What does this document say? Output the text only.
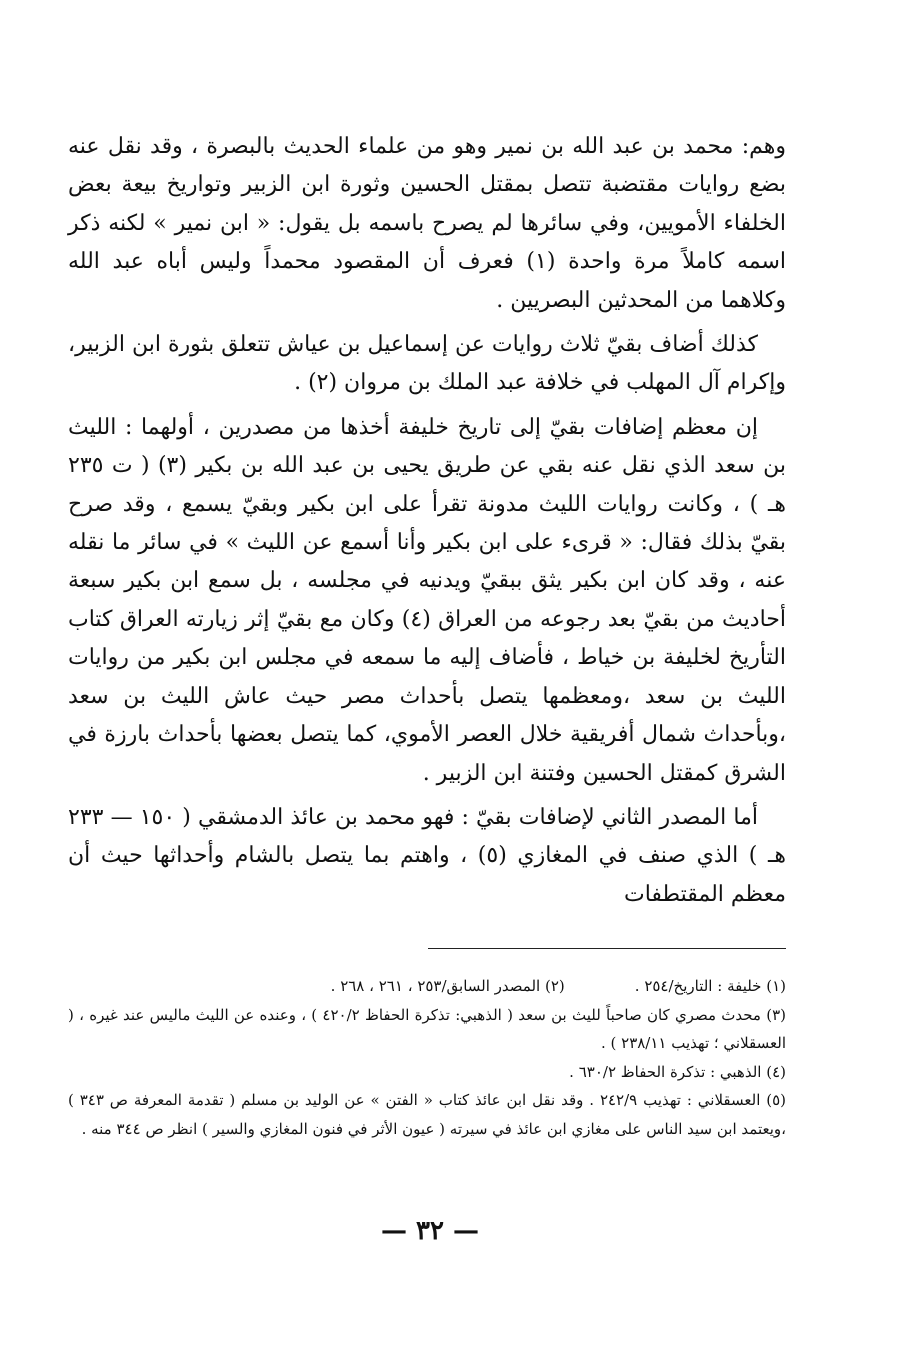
وهم: محمد بن عبد الله بن نمير وهو من علماء الحديث بالبصرة ، وقد نقل عنه بضع روايات مقتضبة تتصل بمقتل الحسين وثورة ابن الزبير وتواريخ بيعة بعض الخلفاء الأمويين، وفي سائرها لم يصرح باسمه بل يقول: « ابن نمير » لكنه ذكر اسمه كاملاً مرة واحدة (١) فعرف أن المقصود محمداً وليس أباه عبد الله وكلاهما من المحدثين البصريين .

كذلك أضاف بقيّ ثلاث روايات عن إسماعيل بن عياش تتعلق بثورة ابن الزبير، وإكرام آل المهلب في خلافة عبد الملك بن مروان (٢) .

إن معظم إضافات بقيّ إلى تاريخ خليفة أخذها من مصدرين ، أولهما : الليث بن سعد الذي نقل عنه بقي عن طريق يحيى بن عبد الله بن بكير (٣) ( ت ٢٣٥ هـ ) ، وكانت روايات الليث مدونة تقرأ على ابن بكير وبقيّ يسمع ، وقد صرح بقيّ بذلك فقال: « قرىء على ابن بكير وأنا أسمع عن الليث » في سائر ما نقله عنه ، وقد كان ابن بكير يثق ببقيّ ويدنيه في مجلسه ، بل سمع ابن بكير سبعة أحاديث من بقيّ بعد رجوعه من العراق (٤) وكان مع بقيّ إثر زيارته العراق كتاب التأريخ لخليفة بن خياط ، فأضاف إليه ما سمعه في مجلس ابن بكير من روايات الليث بن سعد ،ومعظمها يتصل بأحداث مصر حيث عاش الليث بن سعد ،وبأحداث شمال أفريقية خلال العصر الأموي، كما يتصل بعضها بأحداث بارزة في الشرق كمقتل الحسين وفتنة ابن الزبير .

أما المصدر الثاني لإضافات بقيّ : فهو محمد بن عائذ الدمشقي ( ١٥٠ — ٢٣٣ هـ ) الذي صنف في المغازي (٥) ، واهتم بما يتصل بالشام وأحداثها حيث أن معظم المقتطفات

(١) خليفة : التاريخ/٢٥٤ .
(٢) المصدر السابق/٢٥٣ ، ٢٦١ ، ٢٦٨ .

(٣) محدث مصري كان صاحباً لليث بن سعد ( الذهبي: تذكرة الحفاظ ٤٢٠/٢ ) ، وعنده عن الليث ماليس عند غيره ، ( العسقلاني ؛ تهذيب ٢٣٨/١١ ) .

(٤) الذهبي : تذكرة الحفاظ ٦٣٠/٢ .

(٥) العسقلاني : تهذيب ٢٤٢/٩ . وقد نقل ابن عائذ كتاب « الفتن » عن الوليد بن مسلم ( تقدمة المعرفة ص ٣٤٣ ) ،ويعتمد ابن سيد الناس على مغازي ابن عائذ في سيرته ( عيون الأثر في فنون المغازي والسير ) انظر ص ٣٤٤ منه .

— ٣٢ —
